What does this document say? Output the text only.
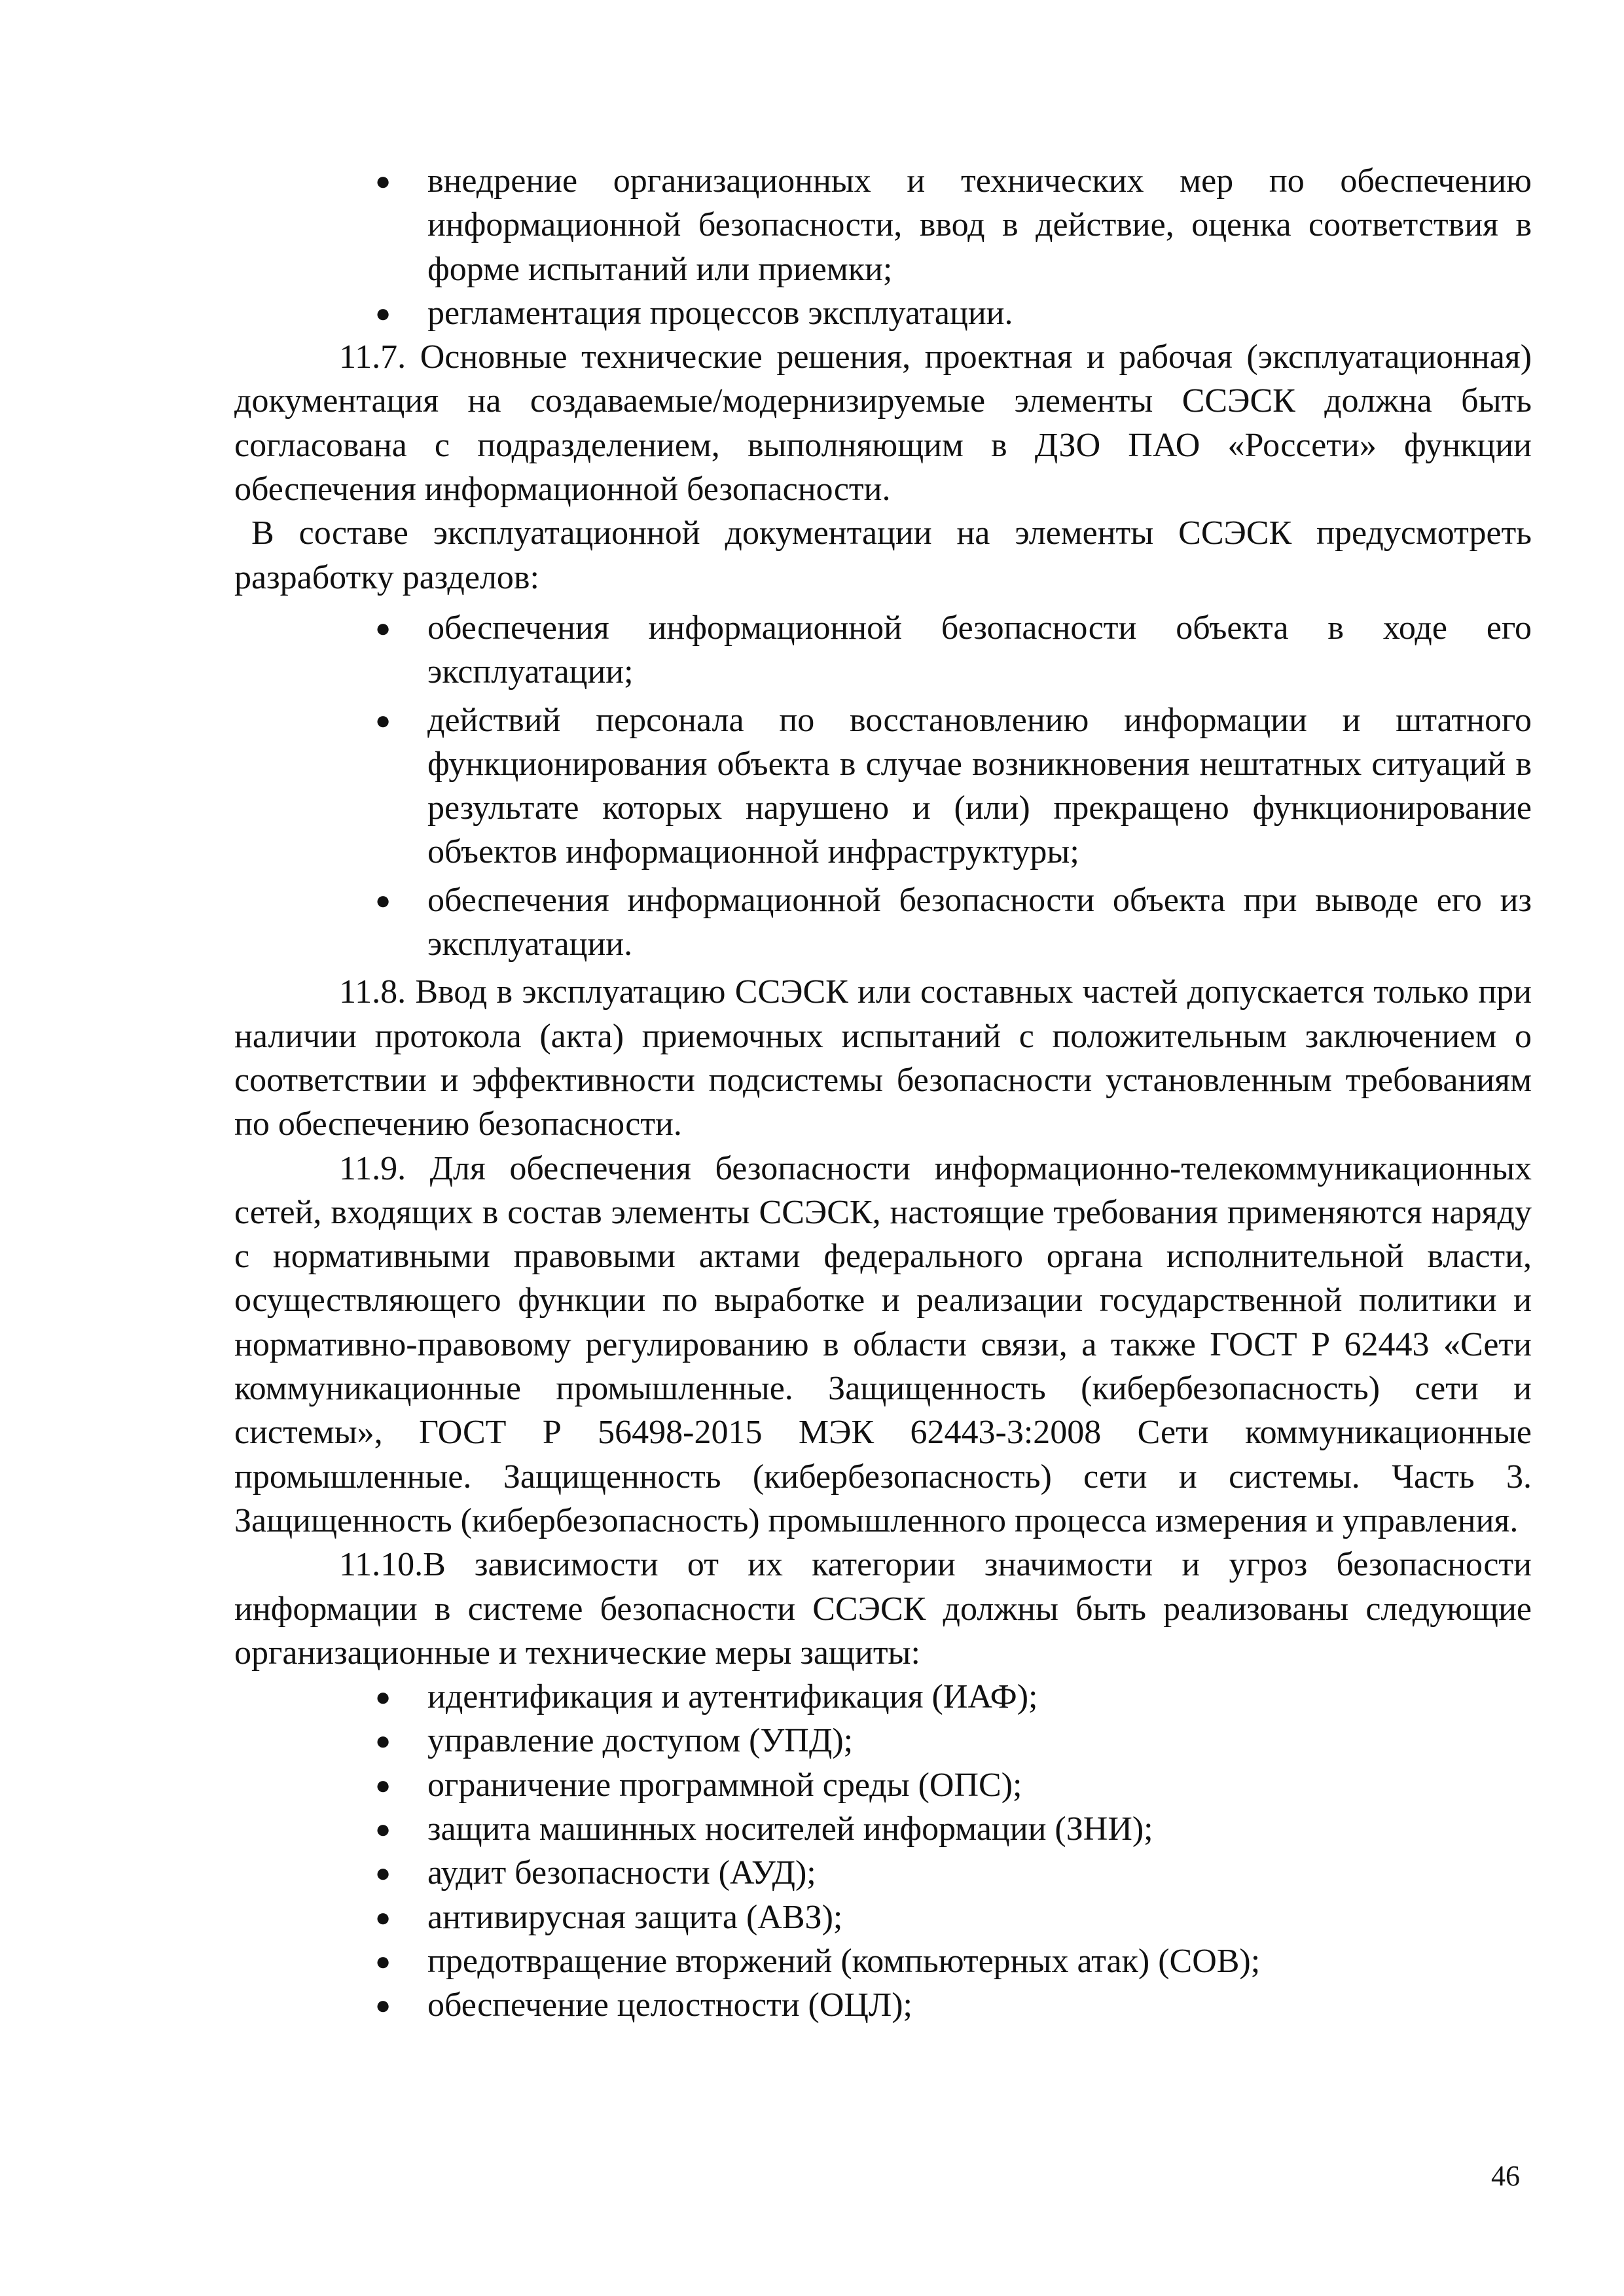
● внедрение организационных и технических мер по обеспечению информационной безопасности, ввод в действие, оценка соответствия в форме испытаний или приемки;
● регламентация процессов эксплуатации.

11.7. Основные технические решения, проектная и рабочая (эксплуатационная) документация на создаваемые/модернизируемые элементы ССЭСК должна быть согласована с подразделением, выполняющим в ДЗО ПАО «Россети» функции обеспечения информационной безопасности.

В составе эксплуатационной документации на элементы ССЭСК предусмотреть разработку разделов:

● обеспечения информационной безопасности объекта в ходе его эксплуатации;
● действий персонала по восстановлению информации и штатного функционирования объекта в случае возникновения нештатных ситуаций в результате которых нарушено и (или) прекращено функционирование объектов информационной инфраструктуры;
● обеспечения информационной безопасности объекта при выводе его из эксплуатации.

11.8. Ввод в эксплуатацию ССЭСК или составных частей допускается только при наличии протокола (акта) приемочных испытаний с положительным заключением о соответствии и эффективности подсистемы безопасности установленным требованиям по обеспечению безопасности.

11.9. Для обеспечения безопасности информационно-телекоммуникационных сетей, входящих в состав элементы ССЭСК, настоящие требования применяются наряду с нормативными правовыми актами федерального органа исполнительной власти, осуществляющего функции по выработке и реализации государственной политики и нормативно-правовому регулированию в области связи, а также ГОСТ Р 62443 «Сети коммуникационные промышленные. Защищенность (кибербезопасность) сети и системы», ГОСТ Р 56498-2015 МЭК 62443-3:2008 Сети коммуникационные промышленные. Защищенность (кибербезопасность) сети и системы. Часть 3. Защищенность (кибербезопасность) промышленного процесса измерения и управления.

11.10.В зависимости от их категории значимости и угроз безопасности информации в системе безопасности ССЭСК должны быть реализованы следующие организационные и технические меры защиты:

● идентификация и аутентификация (ИАФ);
● управление доступом (УПД);
● ограничение программной среды (ОПС);
● защита машинных носителей информации (ЗНИ);
● аудит безопасности (АУД);
● антивирусная защита (АВЗ);
● предотвращение вторжений (компьютерных атак) (СОВ);
● обеспечение целостности (ОЦЛ);
46
